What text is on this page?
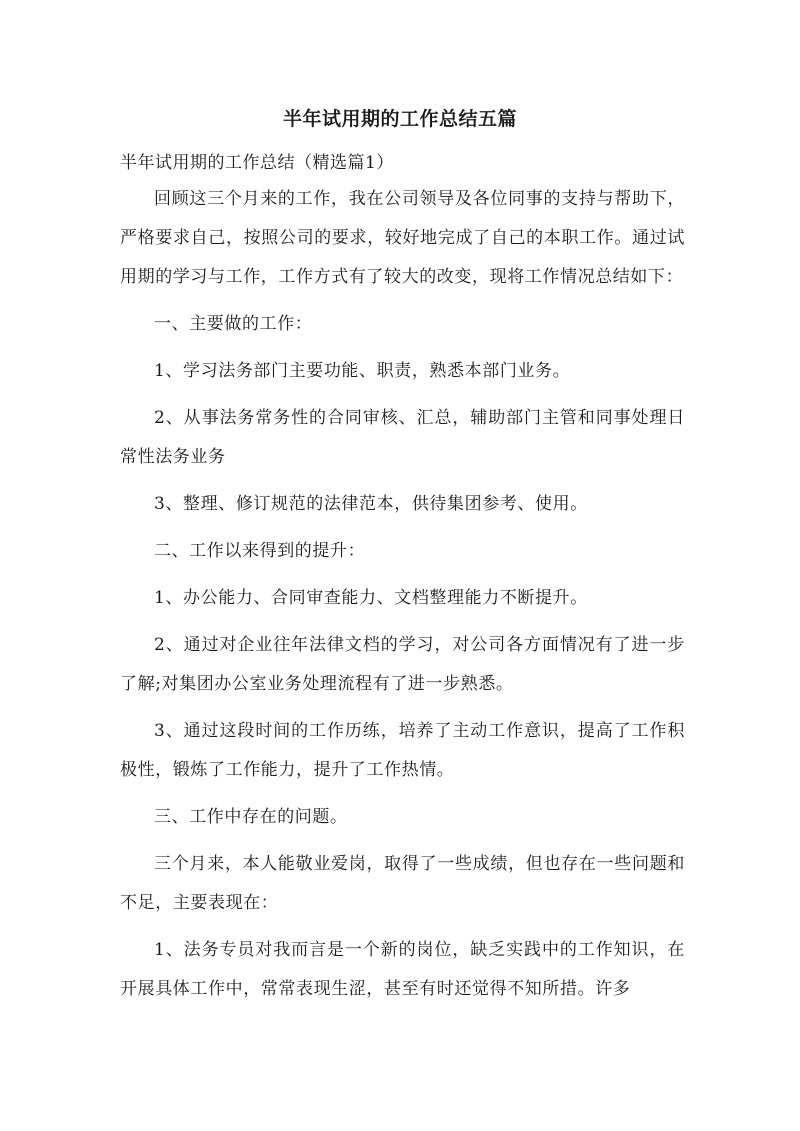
半年试用期的工作总结五篇
半年试用期的工作总结（精选篇1）

回顾这三个月来的工作，我在公司领导及各位同事的支持与帮助下，严格要求自己，按照公司的要求，较好地完成了自己的本职工作。通过试用期的学习与工作，工作方式有了较大的改变，现将工作情况总结如下：

一、主要做的工作：

1、学习法务部门主要功能、职责，熟悉本部门业务。

2、从事法务常务性的合同审核、汇总，辅助部门主管和同事处理日常性法务业务

3、整理、修订规范的法律范本，供待集团参考、使用。

二、工作以来得到的提升：

1、办公能力、合同审查能力、文档整理能力不断提升。

2、通过对企业往年法律文档的学习，对公司各方面情况有了进一步了解;对集团办公室业务处理流程有了进一步熟悉。

3、通过这段时间的工作历练，培养了主动工作意识，提高了工作积极性，锻炼了工作能力，提升了工作热情。

三、工作中存在的问题。

三个月来，本人能敬业爱岗，取得了一些成绩，但也存在一些问题和不足，主要表现在：

1、法务专员对我而言是一个新的岗位，缺乏实践中的工作知识，在开展具体工作中，常常表现生涩，甚至有时还觉得不知所措。许多
